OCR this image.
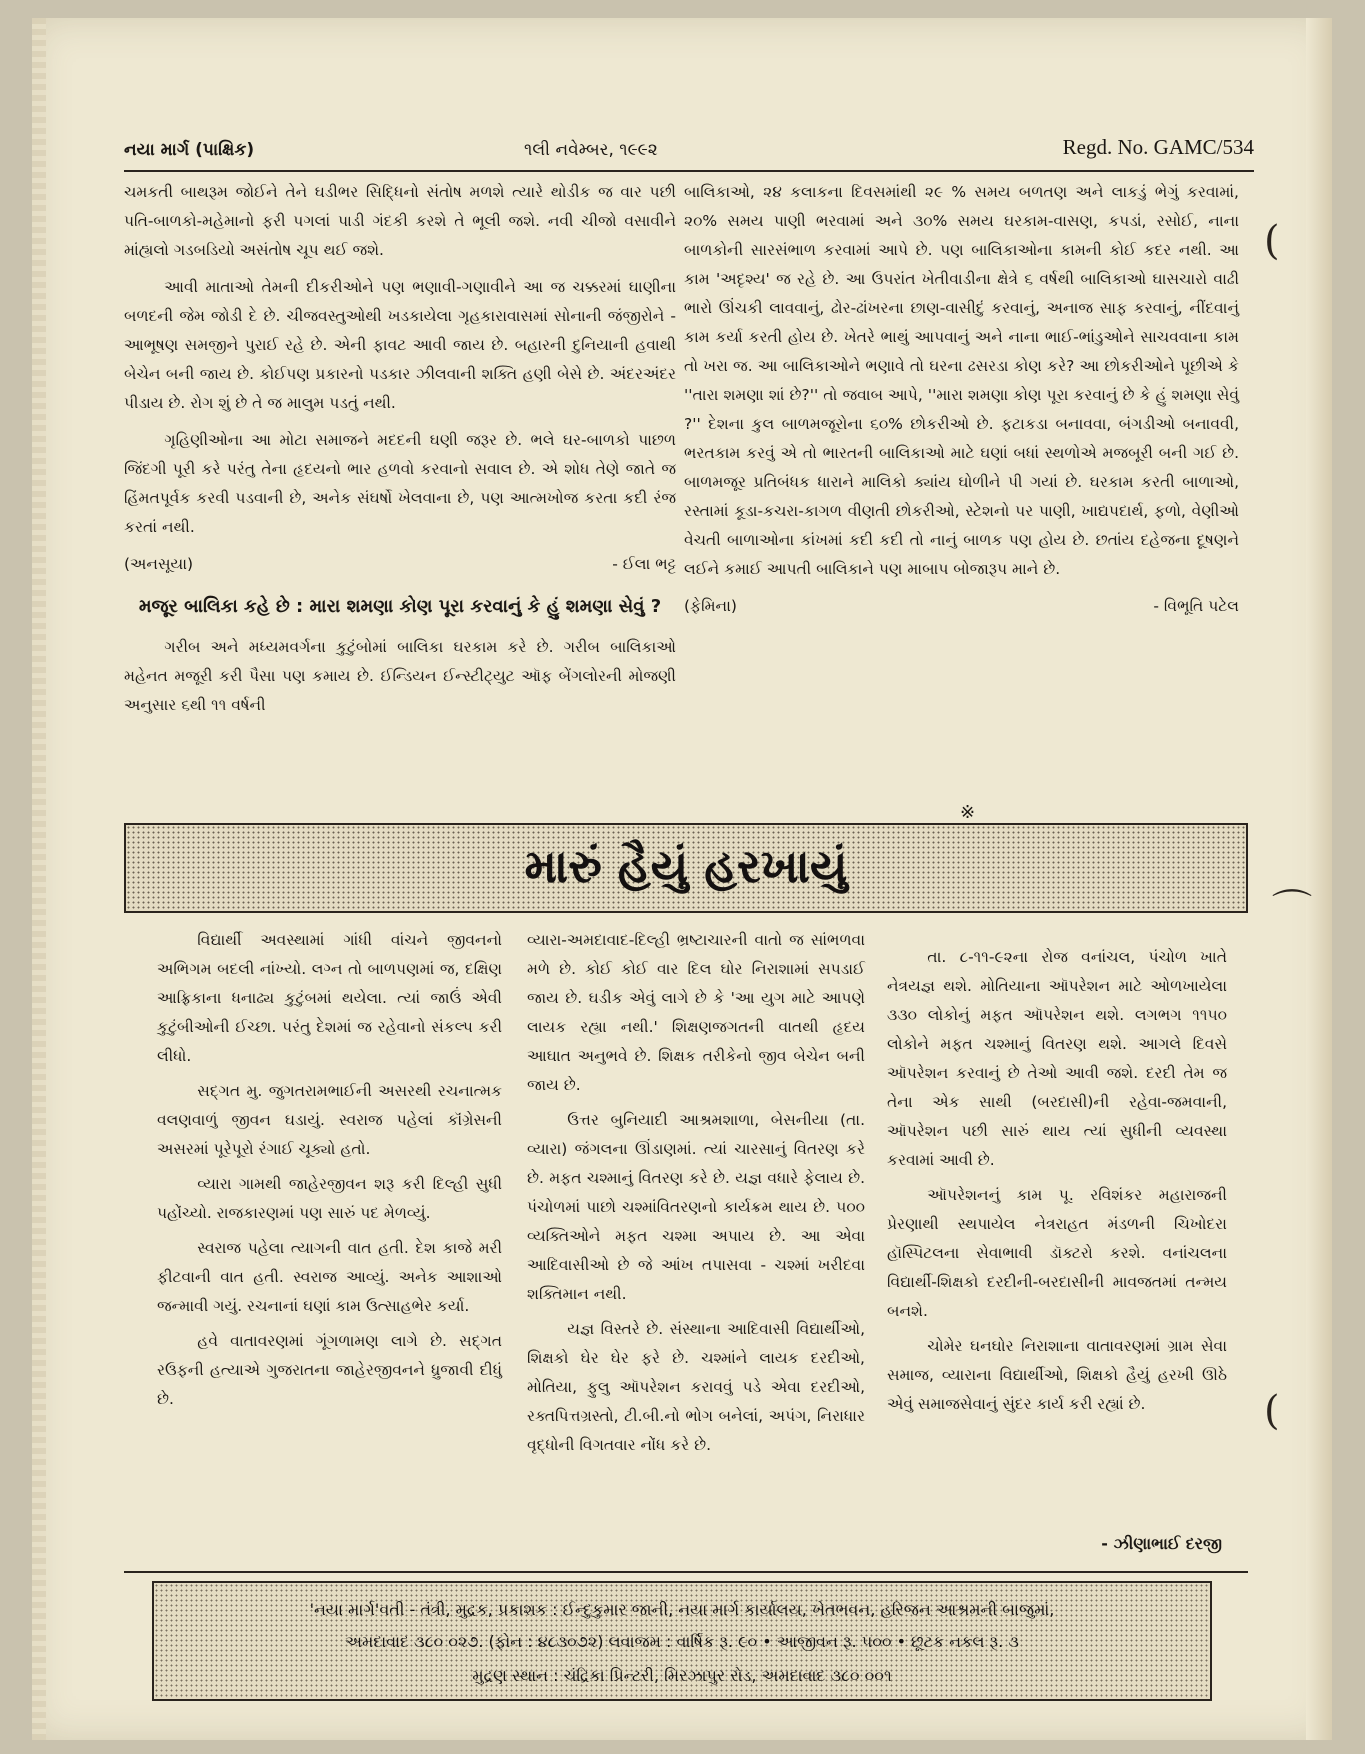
નયા માર્ગ (પાક્ષિક)	૧લી નવેમ્બર, ૧૯૯૨	Regd. No. GAMC/534

ચમકતી બાથરૂમ જોઈને તેને ઘડીભર સિદ્ધિનો સંતોષ મળશે ત્યારે થોડીક જ વાર પછી પતિ-બાળકો-મહેમાનો ફરી પગલાં પાડી ગંદકી કરશે તે ભૂલી જશે. નવી ચીજો વસાવીને માંહ્યલો ગડબડિયો અસંતોષ ચૂપ થઈ જશે.

આવી માતાઓ તેમની દીકરીઓને પણ ભણાવી-ગણાવીને આ જ ચક્કરમાં ઘાણીના બળદની જેમ જોડી દે છે. ચીજવસ્તુઓથી ખડકાયેલા ગૃહકારાવાસમાં સોનાની જંજીરોને - આભૂષણ સમજીને પુરાઈ રહે છે. એની ફાવટ આવી જાય છે. બહારની દુનિયાની હવાથી બેચેન બની જાય છે. કોઈપણ પ્રકારનો પડકાર ઝીલવાની શક્તિ હણી બેસે છે. અંદરઅંદર પીડાય છે. રોગ શું છે તે જ માલુમ પડતું નથી.

ગૃહિણીઓના આ મોટા સમાજને મદદની ઘણી જરૂર છે. ભલે ઘર-બાળકો પાછળ જિંદગી પૂરી કરે પરંતુ તેના હૃદયનો ભાર હળવો કરવાનો સવાલ છે. એ શોધ તેણે જાતે જ હિંમતપૂર્વક કરવી પડવાની છે, અનેક સંઘર્ષો ખેલવાના છે, પણ આત્મખોજ કરતા કદી રંજ કરતાં નથી.

(અનસૂયા)	- ઈલા ભટ્ટ
મજૂર બાલિકા કહે છે : મારા શમણા કોણ પૂરા કરવાનું કે હું શમણા સેવું ?

ગરીબ અને મધ્યમવર્ગના કુટુંબોમાં બાલિકા ઘરકામ કરે છે. ગરીબ બાલિકાઓ મહેનત મજૂરી કરી પૈસા પણ કમાય છે. ઈન્ડિયન ઈન્સ્ટીટ્યુટ ઑફ બેંગલોરની મોજણી અનુસાર ૬થી ૧૧ વર્ષની

બાલિકાઓ, ૨૪ કલાકના દિવસમાંથી ૨૯ % સમય બળતણ અને લાકડું ભેગું કરવામાં, ૨૦% સમય પાણી ભરવામાં અને ૩૦% સમય ઘરકામ-વાસણ, કપડાં, રસોઈ, નાના બાળકોની સારસંભાળ કરવામાં આપે છે. પણ બાલિકાઓના કામની કોઈ કદર નથી. આ કામ 'અદૃશ્ય' જ રહે છે. આ ઉપરાંત ખેતીવાડીના ક્ષેત્રે ૬ વર્ષથી બાલિકાઓ ઘાસચારો વાઢી ભારો ઊંચકી લાવવાનું, ઢોર-ઢાંખરના છાણ-વાસીદું કરવાનું, અનાજ સાફ કરવાનું, નીંદવાનું કામ કર્યા કરતી હોય છે. ખેતરે ભાથું આપવાનું અને નાના ભાઈ-ભાંડુઓને સાચવવાના કામ તો ખરા જ. આ બાલિકાઓને ભણાવે તો ઘરના ઢસરડા કોણ કરે? આ છોકરીઓને પૂછીએ કે ''તારા શમણા શાં છે?'' તો જવાબ આપે, ''મારા શમણા કોણ પૂરા કરવાનું છે કે હું શમણા સેવું ?'' દેશના કુલ બાળમજૂરોના ૬૦% છોકરીઓ છે. ફટાકડા બનાવવા, બંગડીઓ બનાવવી, ભરતકામ કરવું એ તો ભારતની બાલિકાઓ માટે ઘણાં બધાં સ્થળોએ મજબૂરી બની ગઈ છે. બાળમજૂર પ્રતિબંધક ધારાને માલિકો ક્યાંય ઘોળીને પી ગયાં છે. ઘરકામ કરતી બાળાઓ, રસ્તામાં કૂડા-કચરા-કાગળ વીણતી છોકરીઓ, સ્ટેશનો પર પાણી, ખાદ્યપદાર્થ, ફળો, વેણીઓ વેચતી બાળાઓના કાંખમાં કદી કદી તો નાનું બાળક પણ હોય છે. છતાંય દહેજના દૂષણને લઈને કમાઈ આપતી બાલિકાને પણ માબાપ બોજારૂપ માને છે.

(ફેમિના)	- વિભૂતિ પટેલ
※
મારું હૈયું હરખાયું

વિદ્યાર્થી અવસ્થામાં ગાંધી વાંચને જીવનનો અભિગમ બદલી નાંખ્યો. લગ્ન તો બાળપણમાં જ, દક્ષિણ આફ્રિકાના ધનાઢ્ય કુટુંબમાં થયેલા. ત્યાં જાઉં એવી કુટુંબીઓની ઈચ્છા. પરંતુ દેશમાં જ રહેવાનો સંકલ્પ કરી લીધો.

સદ્ગત મુ. જુગતરામભાઈની અસરથી રચનાત્મક વલણવાળું જીવન ઘડાયું. સ્વરાજ પહેલાં કૉંગ્રેસની અસરમાં પૂરેપૂરો રંગાઈ ચૂક્યો હતો.

વ્યારા ગામથી જાહેરજીવન શરૂ કરી દિલ્હી સુધી પહોંચ્યો. રાજકારણમાં પણ સારું પદ મેળવ્યું.

સ્વરાજ પહેલા ત્યાગની વાત હતી. દેશ કાજે મરી ફીટવાની વાત હતી. સ્વરાજ આવ્યું. અનેક આશાઓ જન્માવી ગયું. રચનાનાં ઘણાં કામ ઉત્સાહભેર કર્યા.

હવે વાતાવરણમાં ગૂંગળામણ લાગે છે. સદ્ગત રઉફની હત્યાએ ગુજરાતના જાહેરજીવનને ધ્રુજાવી દીધું છે.

વ્યારા-અમદાવાદ-દિલ્હી ભ્રષ્ટાચારની વાતો જ સાંભળવા મળે છે. કોઈ કોઈ વાર દિલ ઘોર નિરાશામાં સપડાઈ જાય છે. ઘડીક એવું લાગે છે કે 'આ યુગ માટે આપણે લાયક રહ્યા નથી.' શિક્ષણજગતની વાતથી હૃદય આઘાત અનુભવે છે. શિક્ષક તરીકેનો જીવ બેચેન બની જાય છે.

ઉત્તર બુનિયાદી આશ્રમશાળા, બેસનીયા (તા. વ્યારા) જંગલના ઊંડાણમાં. ત્યાં ચારસાનું વિતરણ કરે છે. મફત ચશ્માનું વિતરણ કરે છે. યજ્ઞ વધારે ફેલાય છે. પંચોળમાં પાછો ચશ્માંવિતરણનો કાર્યક્રમ થાય છે. ૫૦૦ વ્યક્તિઓને મફત ચશ્મા અપાય છે. આ એવા આદિવાસીઓ છે જે આંખ તપાસવા - ચશ્માં ખરીદવા શક્તિમાન નથી.

યજ્ઞ વિસ્તરે છે. સંસ્થાના આદિવાસી વિદ્યાર્થીઓ, શિક્ષકો ઘેર ઘેર ફરે છે. ચશ્માંને લાયક દરદીઓ, મોતિયા, ફુલુ ઑપરેશન કરાવવું પડે એવા દરદીઓ, રક્તપિત્તગ્રસ્તો, ટી.બી.નો ભોગ બનેલાં, અપંગ, નિરાધાર વૃદ્ધોની વિગતવાર નોંધ કરે છે.

તા. ૮-૧૧-૯૨ના રોજ વનાંચલ, પંચોળ ખાતે નેત્રયજ્ઞ થશે. મોતિયાના ઑપરેશન માટે ઓળખાયેલા ૩૩૦ લોકોનું મફત ઑપરેશન થશે. લગભગ ૧૧૫૦ લોકોને મફત ચશ્માનું વિતરણ થશે. આગલે દિવસે ઑપરેશન કરવાનું છે તેઓ આવી જશે. દરદી તેમ જ તેના એક સાથી (બરદાસી)ની રહેવા-જમવાની, ઑપરેશન પછી સારું થાય ત્યાં સુધીની વ્યવસ્થા કરવામાં આવી છે.

ઑપરેશનનું કામ પૂ. રવિશંકર મહારાજની પ્રેરણાથી સ્થપાયેલ નેત્રરાહત મંડળની ચિખોદરા હૉસ્પિટલના સેવાભાવી ડૉક્ટરો કરશે. વનાંચલના વિદ્યાર્થી-શિક્ષકો દરદીની-બરદાસીની માવજતમાં તન્મય બનશે.

ચોમેર ઘનઘોર નિરાશાના વાતાવરણમાં ગ્રામ સેવા સમાજ, વ્યારાના વિદ્યાર્થીઓ, શિક્ષકો હૈયું હરખી ઊઠે એવું સમાજસેવાનું સુંદર કાર્ય કરી રહ્યાં છે.

- ઝીણાભાઈ દરજી
'નયા માર્ગ'વતી - તંત્રી, મુદ્રક, પ્રકાશક : ઈન્દુકુમાર જાની, નયા માર્ગ કાર્યાલય, ખેતભવન, હરિજન આશ્રમની બાજુમાં,
અમદાવાદ ૩૮૦ ૦૨૭. (ફોન : ૪૮૩૦૭૨) લવાજમ : વાર્ષિક રૂ. ૯૦ • આજીવન રૂ. ૫૦૦ • છૂટક નકલ રૂ. ૩
મુદ્રણ સ્થાન : ચંદ્રિકા પ્રિન્ટરી, મિરઝાપુર રોડ, અમદાવાદ ૩૮૦ ૦૦૧
(
⌒
(
